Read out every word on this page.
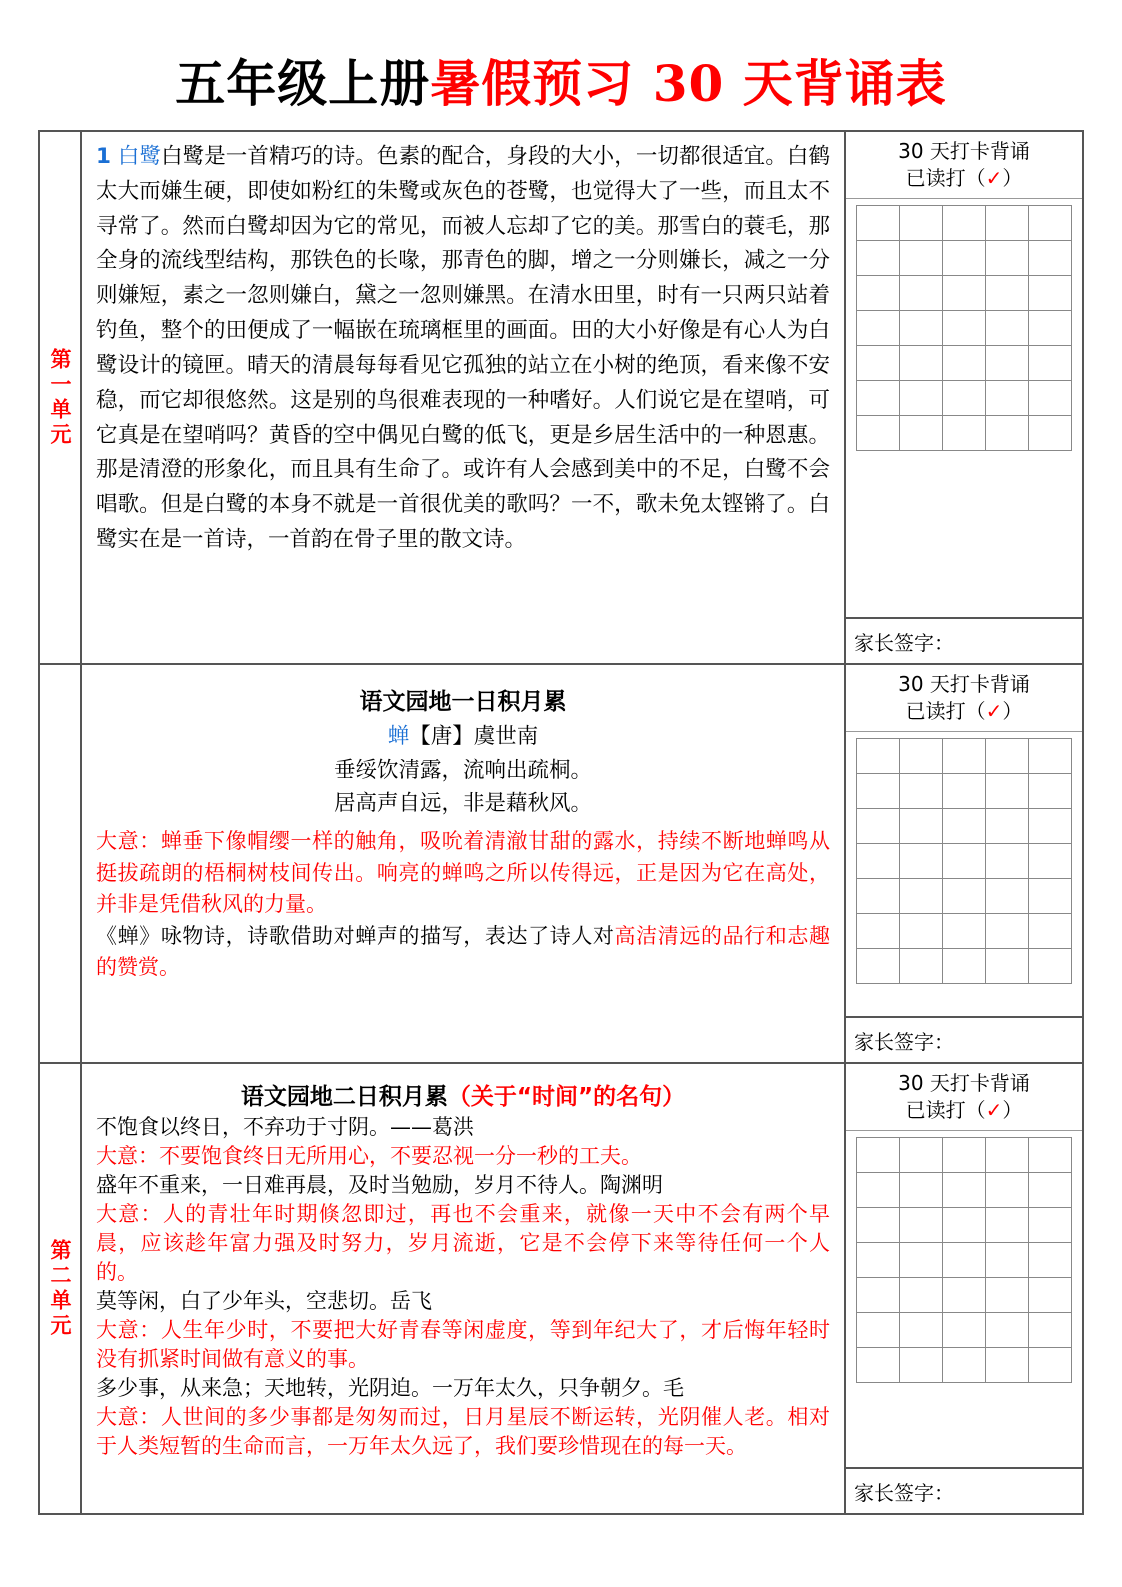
五年级上册 暑假预习 30 天背诵表
第一单元
1 白鹭白鹭是一首精巧的诗。色素的配合，身段的大小，一切都很适宜。白鹤太大而嫌生硬，即使如粉红的朱鹭或灰色的苍鹭，也觉得大了一些，而且太不寻常了。然而白鹭却因为它的常见，而被人忘却了它的美。那雪白的蓑毛，那全身的流线型结构，那铁色的长喙，那青色的脚，增之一分则嫌长，减之一分则嫌短，素之一忽则嫌白，黛之一忽则嫌黑。在清水田里，时有一只两只站着钓鱼，整个的田便成了一幅嵌在琉璃框里的画面。田的大小好像是有心人为白鹭设计的镜匣。晴天的清晨每每看见它孤独的站立在小树的绝顶，看来像不安稳，而它却很悠然。这是别的鸟很难表现的一种嗜好。人们说它是在望哨，可它真是在望哨吗？黄昏的空中偶见白鹭的低飞，更是乡居生活中的一种恩惠。那是清澄的形象化，而且具有生命了。或许有人会感到美中的不足，白鹭不会唱歌。但是白鹭的本身不就是一首很优美的歌吗？一不，歌未免太铿锵了。白鹭实在是一首诗，一首韵在骨子里的散文诗。
30 天打卡背诵
已读打（✓）

家长签字：
语文园地一日积月累
蝉【唐】虞世南
垂绥饮清露，流响出疏桐。
居高声自远，非是藉秋风。
大意：蝉垂下像帽缨一样的触角，吸吮着清澈甘甜的露水，持续不断地蝉鸣从挺拔疏朗的梧桐树枝间传出。响亮的蝉鸣之所以传得远，正是因为它在高处，并非是凭借秋风的力量。
《蝉》咏物诗，诗歌借助对蝉声的描写，表达了诗人对高洁清远的品行和志趣的赞赏。
30 天打卡背诵
已读打（✓）

家长签字：
第二单元
语文园地二日积月累（关于“时间”的名句）
不饱食以终日，不弃功于寸阴。——葛洪
大意：不要饱食终日无所用心，不要忍视一分一秒的工夫。
盛年不重来，一日难再晨，及时当勉励，岁月不待人。陶渊明
大意：人的青壮年时期倏忽即过，再也不会重来，就像一天中不会有两个早晨，应该趁年富力强及时努力，岁月流逝，它是不会停下来等待任何一个人的。
莫等闲，白了少年头，空悲切。岳飞
大意：人生年少时，不要把大好青春等闲虚度，等到年纪大了，才后悔年轻时没有抓紧时间做有意义的事。
多少事，从来急；天地转，光阴迫。一万年太久，只争朝夕。毛
大意：人世间的多少事都是匆匆而过，日月星辰不断运转，光阴催人老。相对于人类短暂的生命而言，一万年太久远了，我们要珍惜现在的每一天。
30 天打卡背诵
已读打（✓）

家长签字：
